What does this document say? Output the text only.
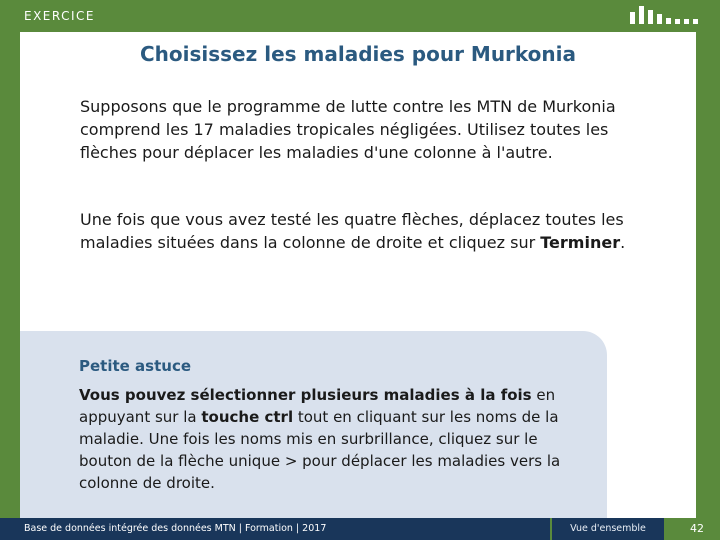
EXERCICE
Choisissez les maladies pour Murkonia
Supposons que le programme de lutte contre les MTN de Murkonia comprend les 17 maladies tropicales négligées. Utilisez toutes les flèches pour déplacer les maladies d'une colonne à l'autre.
Une fois que vous avez testé les quatre flèches, déplacez toutes les maladies situées dans la colonne de droite et cliquez sur Terminer.
Petite astuce
Vous pouvez sélectionner plusieurs maladies à la fois en appuyant sur la touche ctrl tout en cliquant sur les noms de la maladie. Une fois les noms mis en surbrillance, cliquez sur le bouton de la flèche unique > pour déplacer les maladies vers la colonne de droite.
Base de données intégrée des données MTN | Formation | 2017	Vue d'ensemble	42
